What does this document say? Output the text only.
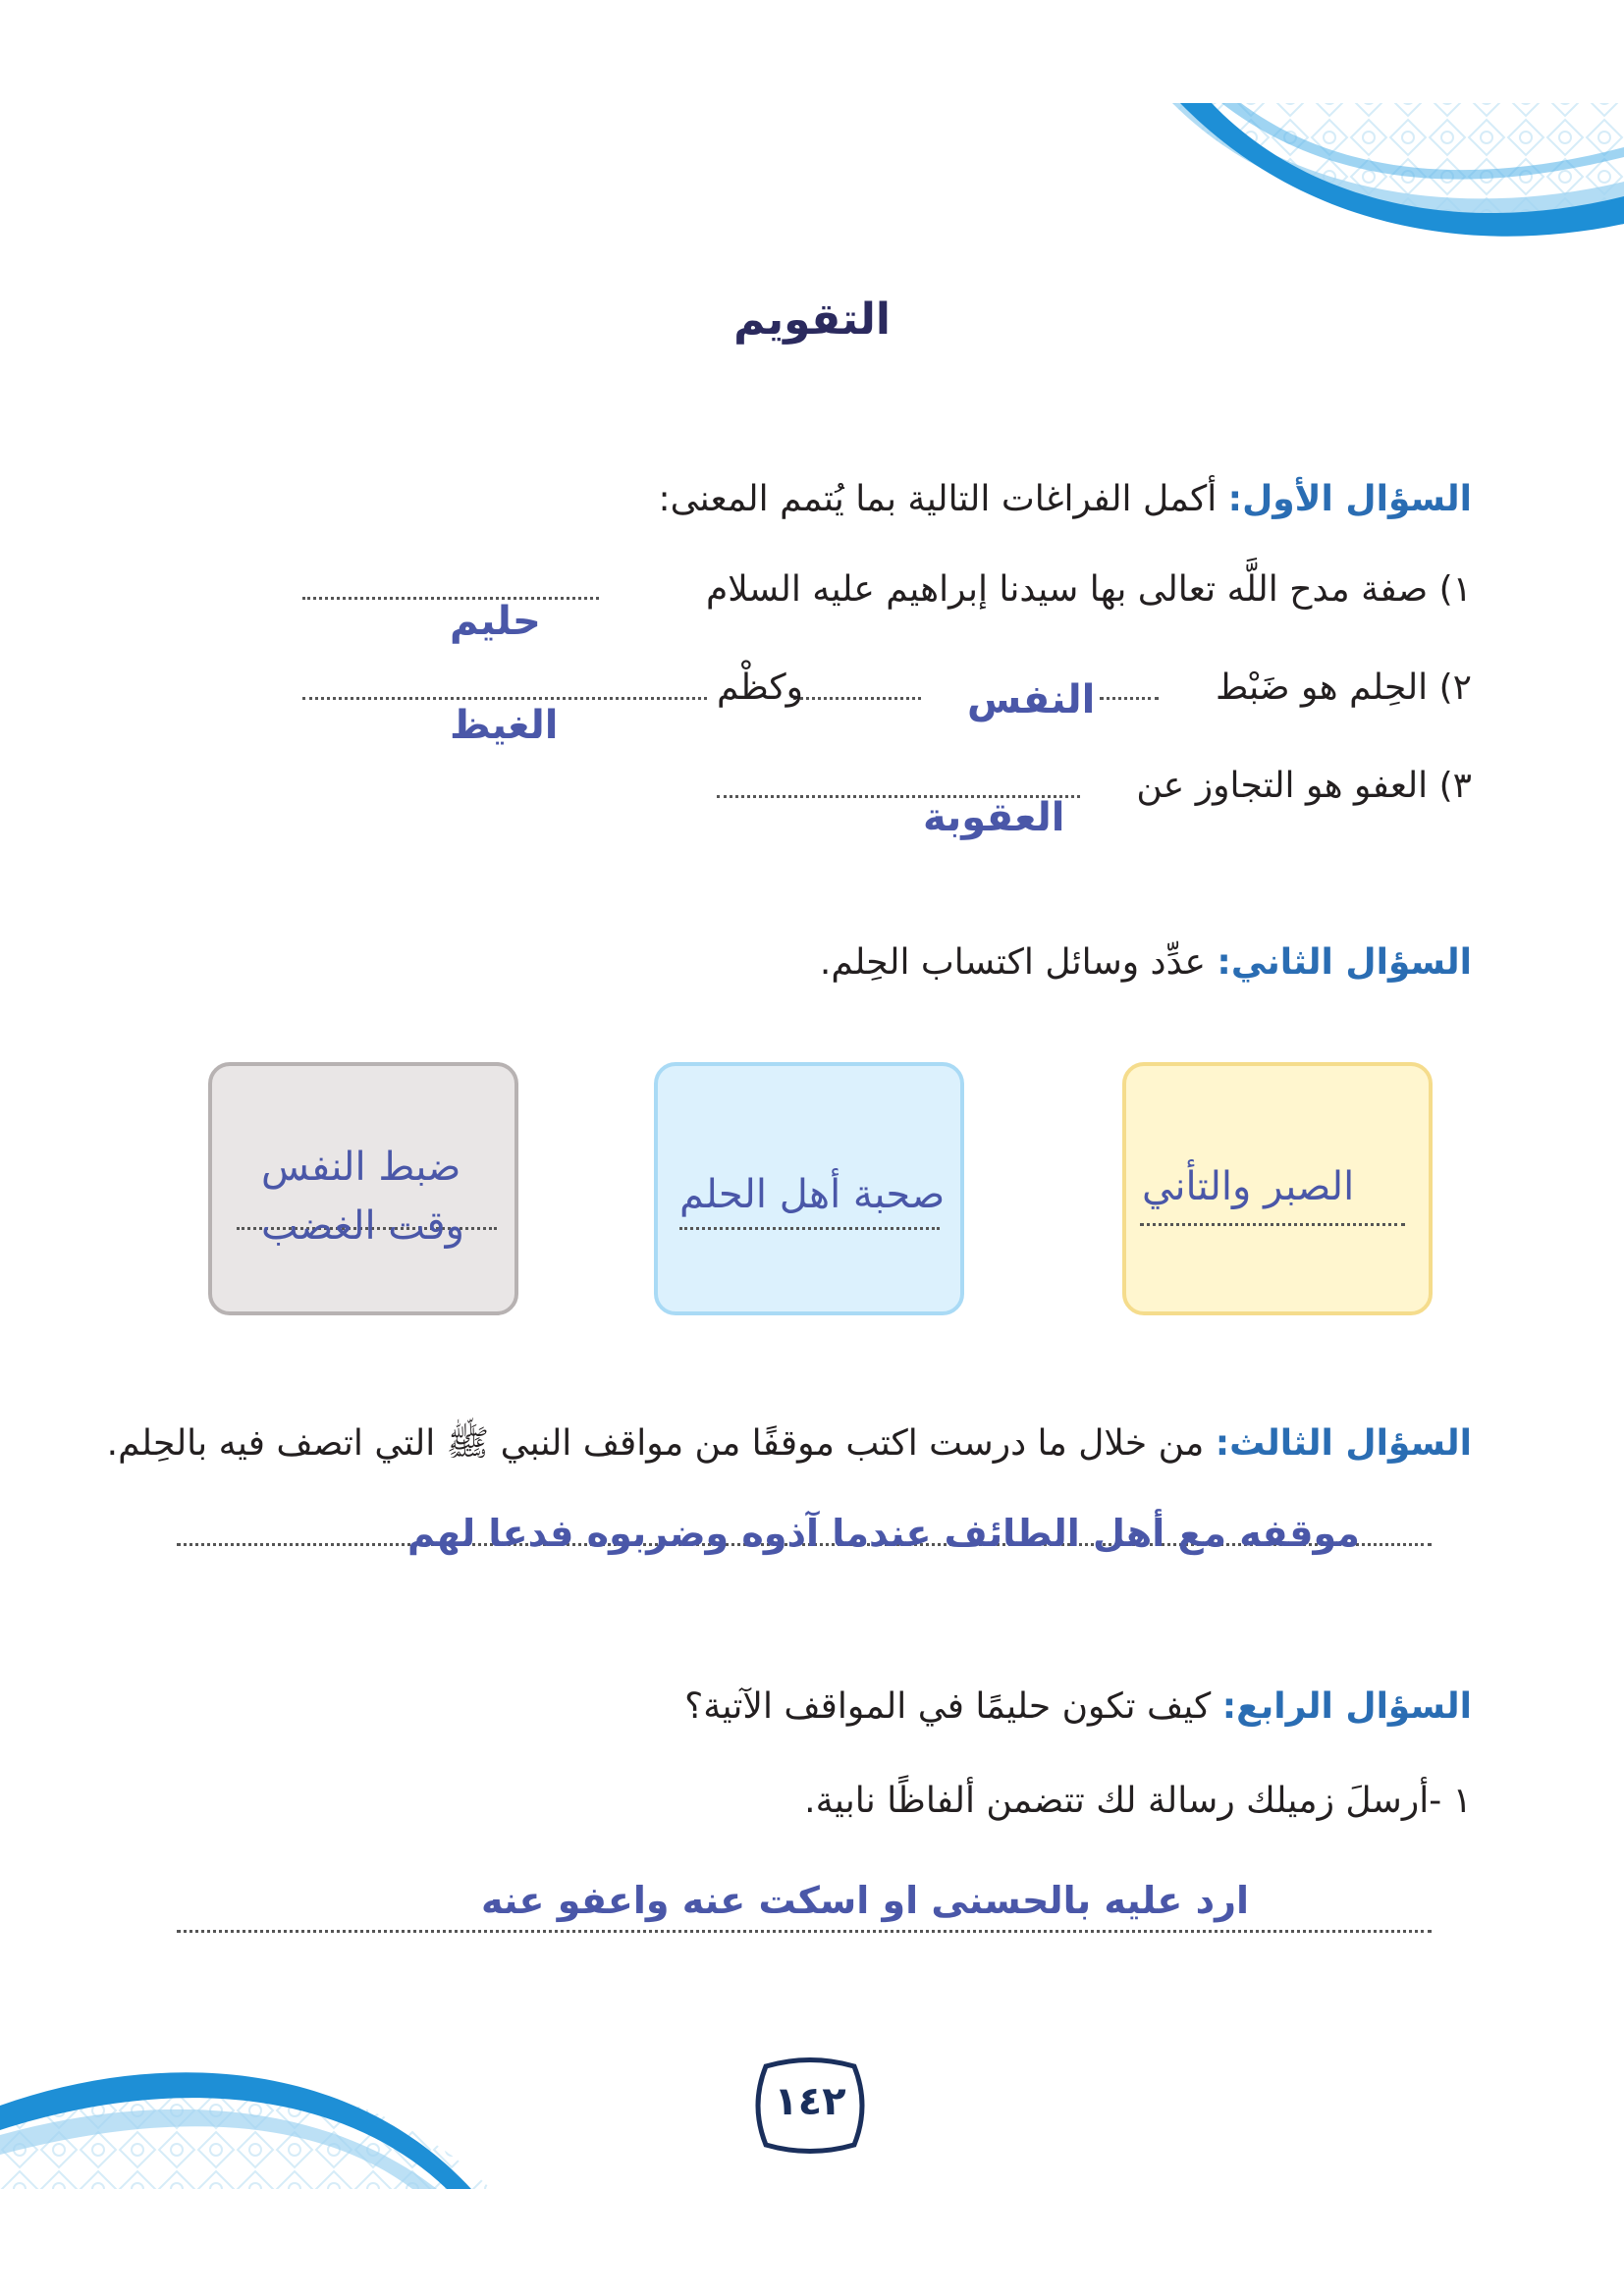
التقويم
السؤال الأول: أكمل الفراغات التالية بما يُتمم المعنى:
١) صفة مدح اللَّه تعالى بها سيدنا إبراهيم عليه السلام
حليم
٢) الحِلم هو ضَبْط
النفس
وكظْم
الغيظ
٣) العفو هو التجاوز عن
العقوبة
السؤال الثاني: عدِّد وسائل اكتساب الحِلم.
ضبط النفس
وقت الغضب
صحبة أهل الحلم	الصبر والتأني
السؤال الثالث: من خلال ما درست اكتب موقفًا من مواقف النبي ﷺ التي اتصف فيه بالحِلم.
موقفه مع أهل الطائف عندما آذوه وضربوه فدعا لهم
السؤال الرابع: كيف تكون حليمًا في المواقف الآتية؟
١ -أرسلَ زميلك رسالة لك تتضمن ألفاظًا نابية.
ارد عليه بالحسنى او اسكت عنه واعفو عنه
١٤٢
